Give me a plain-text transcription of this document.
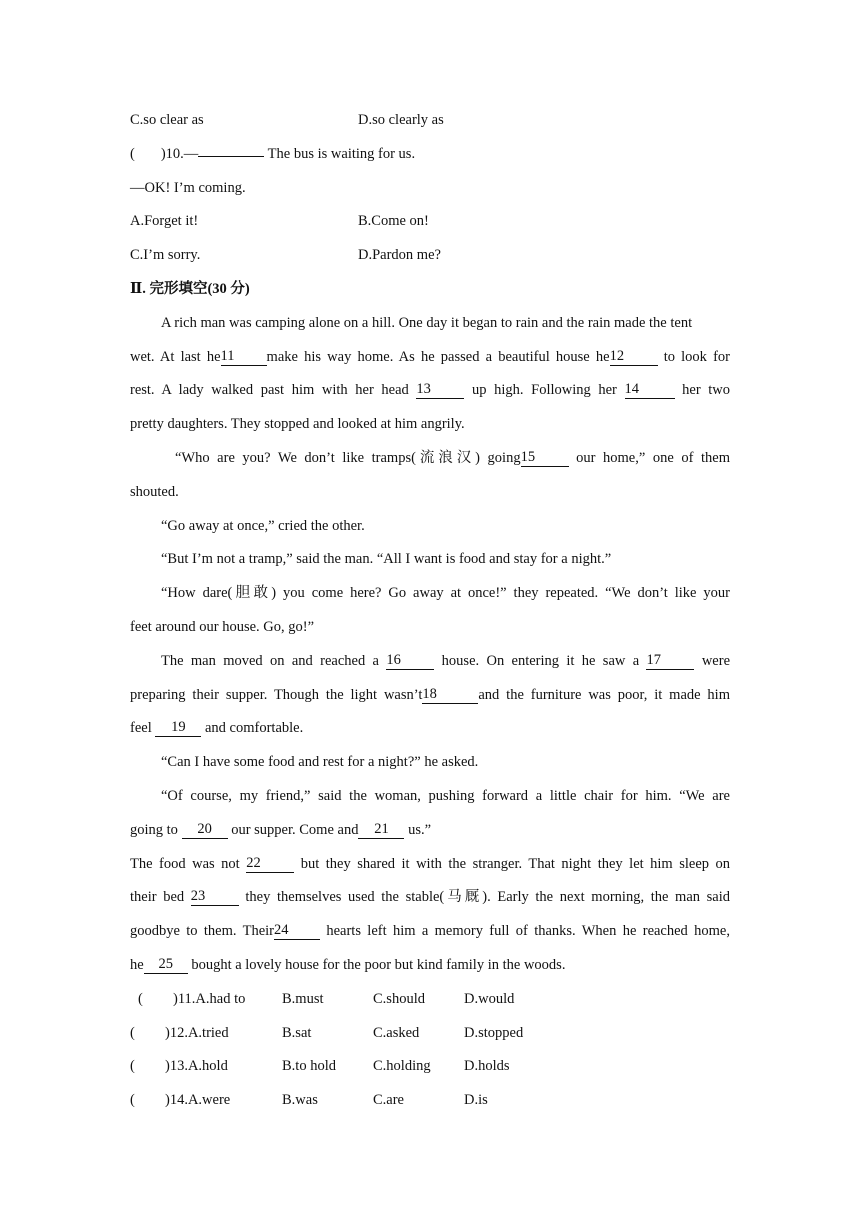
C.so clear as	D.so clearly as
( )10.—	The bus is waiting for us.
—OK! I’m coming.
A.Forget it!	B.Come on!
C.I’m sorry.	D.Pardon me?
Ⅱ. 完形填空(30 分)
A rich man was camping alone on a hill. One day it began to rain and the rain made the tent
wet. At last he11 make his way home. As he passed a beautiful house he12 to look for
rest. A lady walked past him with her head 13 up high. Following her 14 her two
pretty daughters. They stopped and looked at him angrily.
“Who are you? We don’t like tramps(流浪汉) going15 our home,” one of them
shouted.
“Go away at once,” cried the other.
“But I’m not a tramp,” said the man. “All I want is food and stay for a night.”
“How dare(胆敢) you come here? Go away at once!” they repeated. “We don’t like your
feet around our house. Go, go!”
The man moved on and reached a 16 house. On entering it he saw a 17 were
preparing their supper. Though the light wasn’t18	and the furniture was poor, it made him
feel 19 and comfortable.
“Can I have some food and rest for a night?” he asked.
“Of course, my friend,” said the woman, pushing forward a little chair for him. “We are
going to 20 our supper. Come and 21 us.”
The food was not 22 but they shared it with the stranger. That night they let him sleep on
their bed 23 they themselves used the stable(马厩). Early the next morning, the man said
goodbye to them. Their24 hearts left him a memory full of thanks. When he reached home,
he 25 bought a lovely house for the poor but kind family in the woods.
( )11.A.had to	B.must	C.should	D.would
( )12.A.tried	B.sat	C.asked	D.stopped
( )13.A.hold	B.to hold	C.holding D.holds
( )14.A.were	B.was	C.are	D.is
